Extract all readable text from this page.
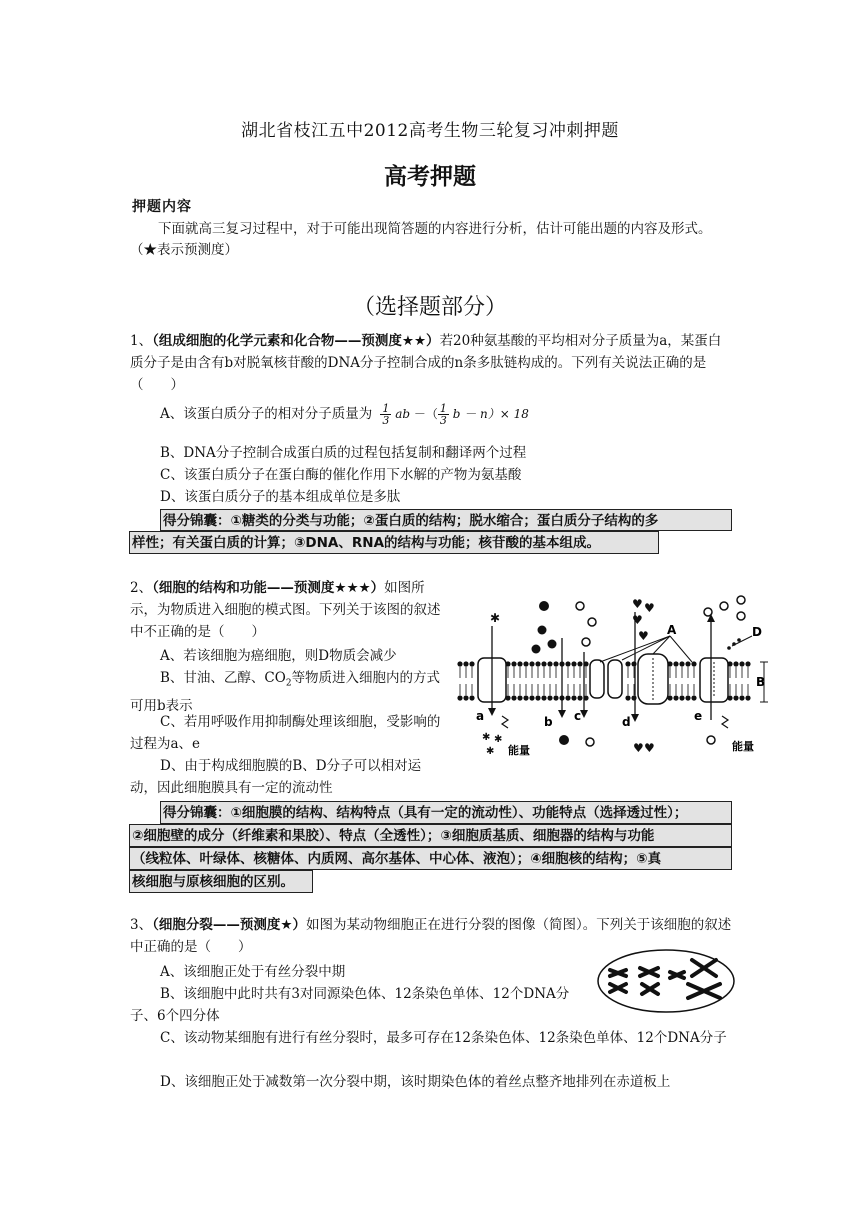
湖北省枝江五中2012高考生物三轮复习冲刺押题
高考押题
押题内容
下面就高三复习过程中，对于可能出现简答题的内容进行分析，估计可能出题的内容及形式。（★表示预测度）
（选择题部分）
1、（组成细胞的化学元素和化合物——预测度★★）若20种氨基酸的平均相对分子质量为a，某蛋白质分子是由含有b对脱氧核苷酸的DNA分子控制合成的n条多肽链构成的。下列有关说法正确的是（　　）
A、该蛋白质分子的相对分子质量为 $\frac{1}{3}$ ab －（ $\frac{1}{3}$ b － n）× 18
B、DNA分子控制合成蛋白质的过程包括复制和翻译两个过程
C、该蛋白质分子在蛋白酶的催化作用下水解的产物为氨基酸
D、该蛋白质分子的基本组成单位是多肽
得分锦囊：①糖类的分类与功能；②蛋白质的结构；脱水缩合；蛋白质分子结构的多
样性；有关蛋白质的计算；③DNA、RNA的结构与功能；核苷酸的基本组成。
2、（细胞的结构和功能——预测度★★★）如图所示，为物质进入细胞的模式图。下列关于该图的叙述中不正确的是（　　）
A、若该细胞为癌细胞，则D物质会减少
B、甘油、乙醇、$CO_2$等物质进入细胞内的方式可用b表示
C、若用呼吸作用抑制酶处理该细胞，受影响的过程为a、e
D、由于构成细胞膜的B、D分子可以相对运动，因此细胞膜具有一定的流动性
♥ ♥
♥
♥
♥ ♥
✱
✱ ✱
✱
A	D
B
a	b c	d	e
能量	能量
得分锦囊：①细胞膜的结构、结构特点（具有一定的流动性）、功能特点（选择透过性）；
②细胞壁的成分（纤维素和果胶）、特点（全透性）；③细胞质基质、细胞器的结构与功能
（线粒体、叶绿体、核糖体、内质网、高尔基体、中心体、液泡）；④细胞核的结构；⑤真
核细胞与原核细胞的区别。
3、（细胞分裂——预测度★）如图为某动物细胞正在进行分裂的图像（简图）。下列关于该细胞的叙述中正确的是（　　）
A、该细胞正处于有丝分裂中期
B、该细胞中此时共有3对同源染色体、12条染色单体、12个DNA分子、6个四分体
C、该动物某细胞有进行有丝分裂时，最多可存在12条染色体、12条染色单体、12个DNA分子
D、该细胞正处于减数第一次分裂中期，该时期染色体的着丝点整齐地排列在赤道板上
